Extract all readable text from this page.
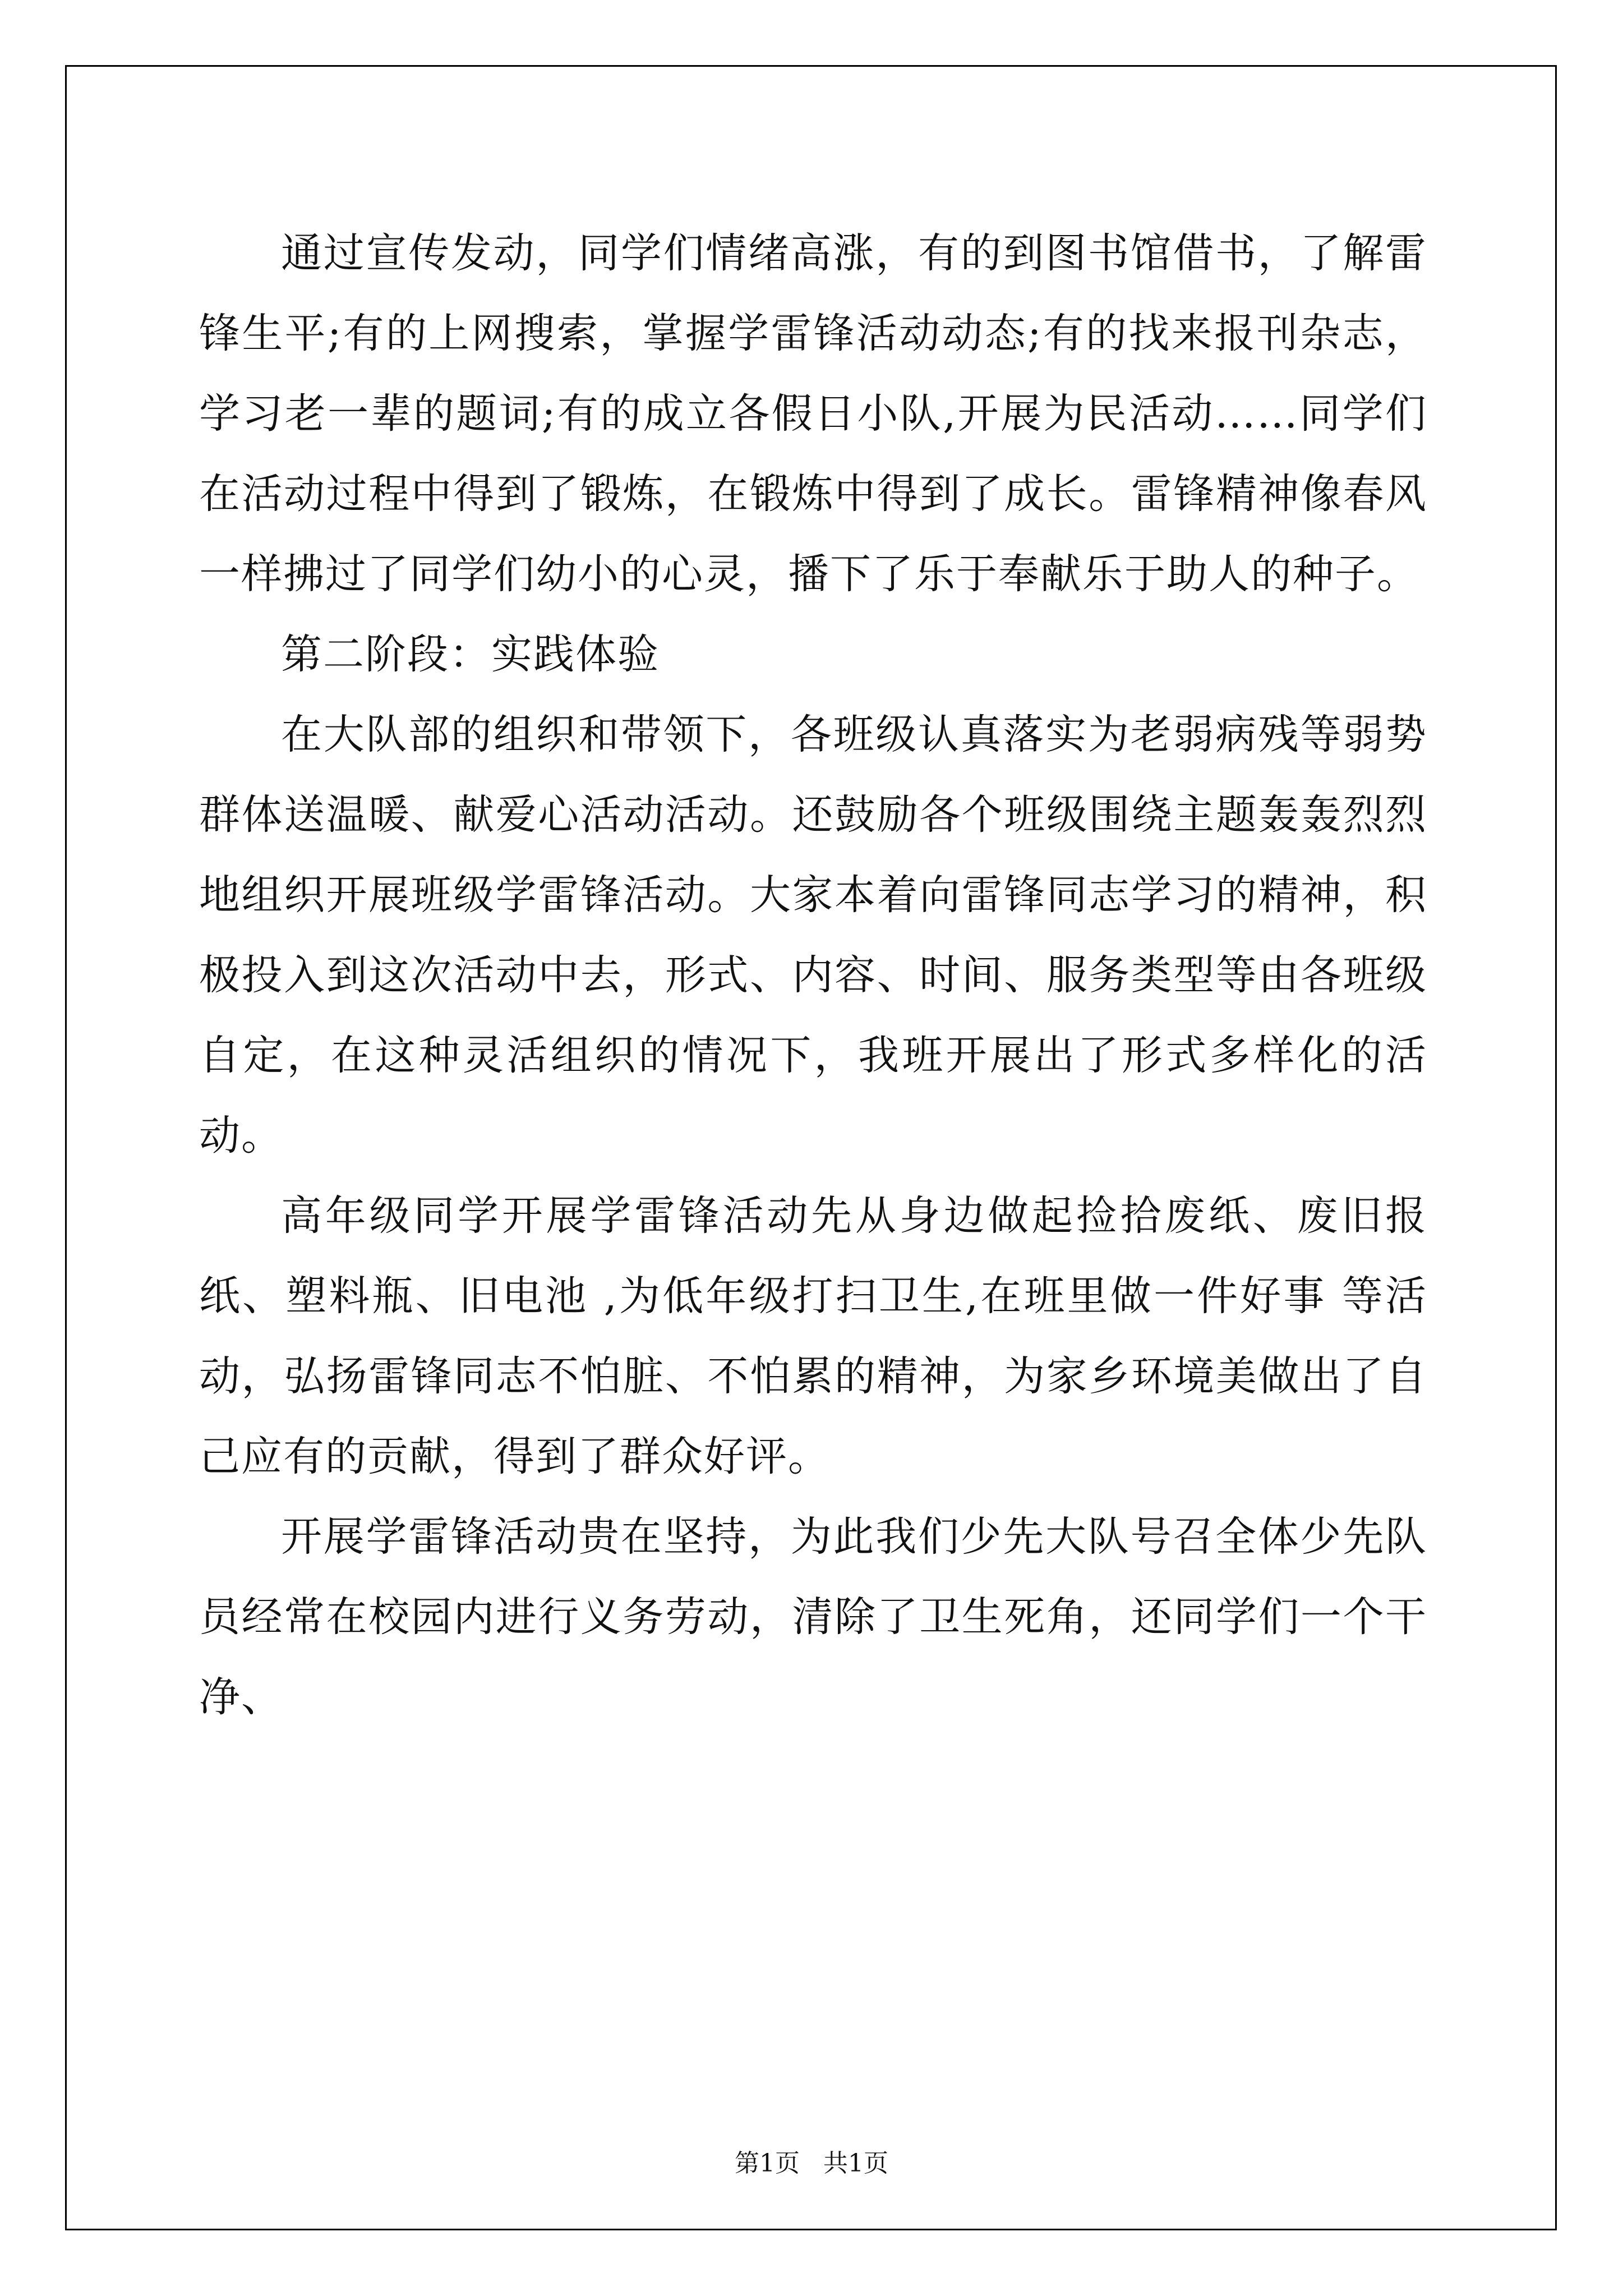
通过宣传发动，同学们情绪高涨，有的到图书馆借书，了解雷锋生平;有的上网搜索，掌握学雷锋活动动态;有的找来报刊杂志，学习老一辈的题词;有的成立各假日小队,开展为民活动……同学们在活动过程中得到了锻炼，在锻炼中得到了成长。雷锋精神像春风一样拂过了同学们幼小的心灵，播下了乐于奉献乐于助人的种子。

第二阶段：实践体验

在大队部的组织和带领下，各班级认真落实为老弱病残等弱势群体送温暖、献爱心活动活动。还鼓励各个班级围绕主题轰轰烈烈地组织开展班级学雷锋活动。大家本着向雷锋同志学习的精神，积极投入到这次活动中去，形式、内容、时间、服务类型等由各班级自定，在这种灵活组织的情况下，我班开展出了形式多样化的活动。

高年级同学开展学雷锋活动先从身边做起捡拾废纸、废旧报纸、塑料瓶、旧电池 ,为低年级打扫卫生,在班里做一件好事 等活动，弘扬雷锋同志不怕脏、不怕累的精神，为家乡环境美做出了自己应有的贡献，得到了群众好评。

开展学雷锋活动贵在坚持，为此我们少先大队号召全体少先队员经常在校园内进行义务劳动，清除了卫生死角，还同学们一个干净、

第1页   共1页
